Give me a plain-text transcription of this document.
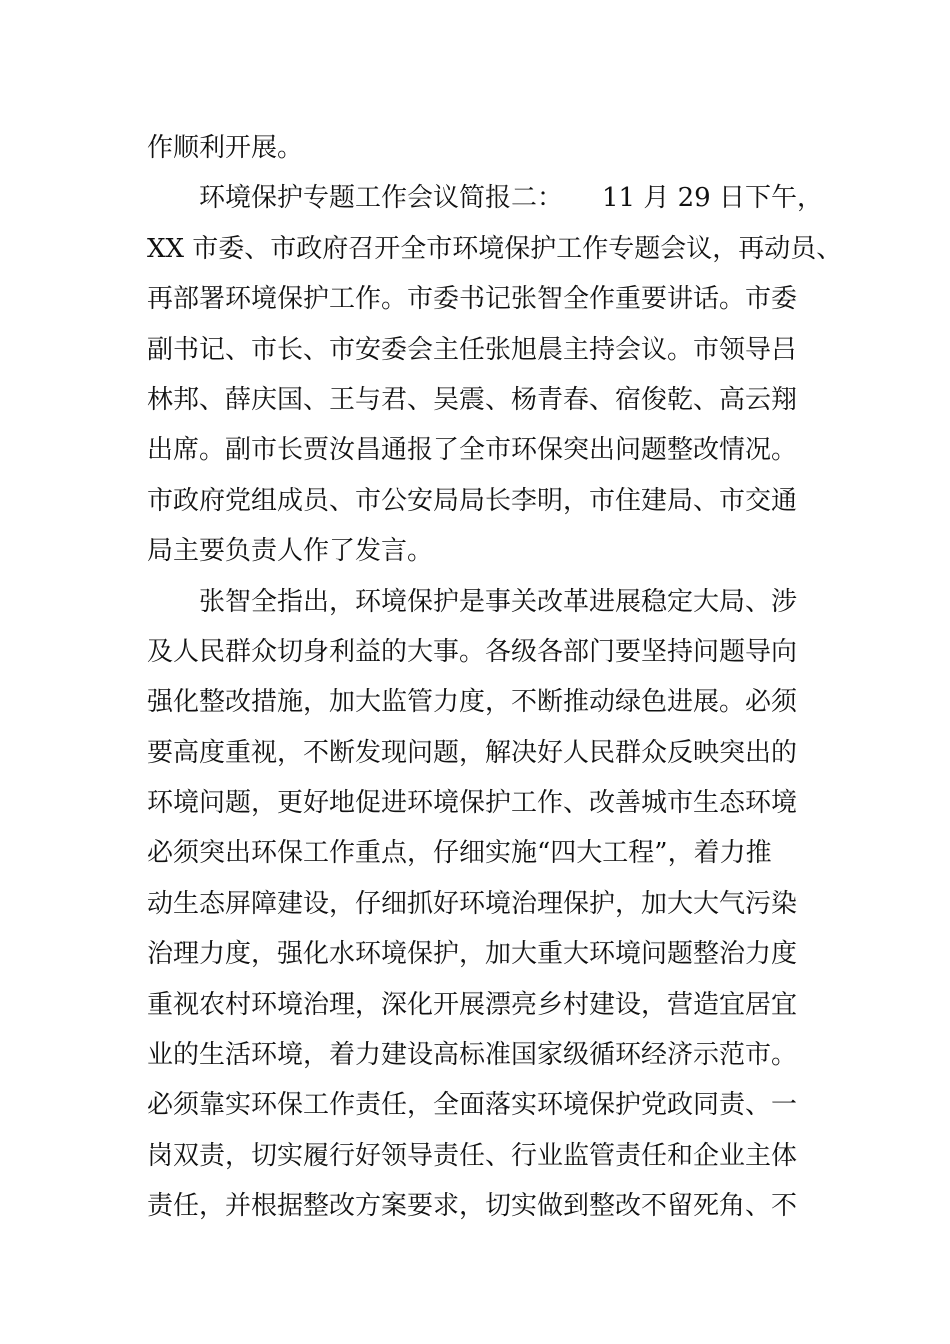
作顺利开展。
环境保护专题工作会议简报二：　　11 月 29 日下午，
XX 市委、市政府召开全市环境保护工作专题会议，再动员、
再部署环境保护工作。市委书记张智全作重要讲话。市委
副书记、市长、市安委会主任张旭晨主持会议。市领导吕
林邦、薛庆国、王与君、吴震、杨青春、宿俊乾、高云翔
出席。副市长贾汝昌通报了全市环保突出问题整改情况。
市政府党组成员、市公安局局长李明，市住建局、市交通
局主要负责人作了发言。
张智全指出，环境保护是事关改革进展稳定大局、涉
及人民群众切身利益的大事。各级各部门要坚持问题导向
强化整改措施，加大监管力度，不断推动绿色进展。必须
要高度重视，不断发现问题，解决好人民群众反映突出的
环境问题，更好地促进环境保护工作、改善城市生态环境
必须突出环保工作重点，仔细实施“四大工程”，着力推
动生态屏障建设，仔细抓好环境治理保护，加大大气污染
治理力度，强化水环境保护，加大重大环境问题整治力度
重视农村环境治理，深化开展漂亮乡村建设，营造宜居宜
业的生活环境，着力建设高标准国家级循环经济示范市。
必须靠实环保工作责任，全面落实环境保护党政同责、一
岗双责，切实履行好领导责任、行业监管责任和企业主体
责任，并根据整改方案要求，切实做到整改不留死角、不
